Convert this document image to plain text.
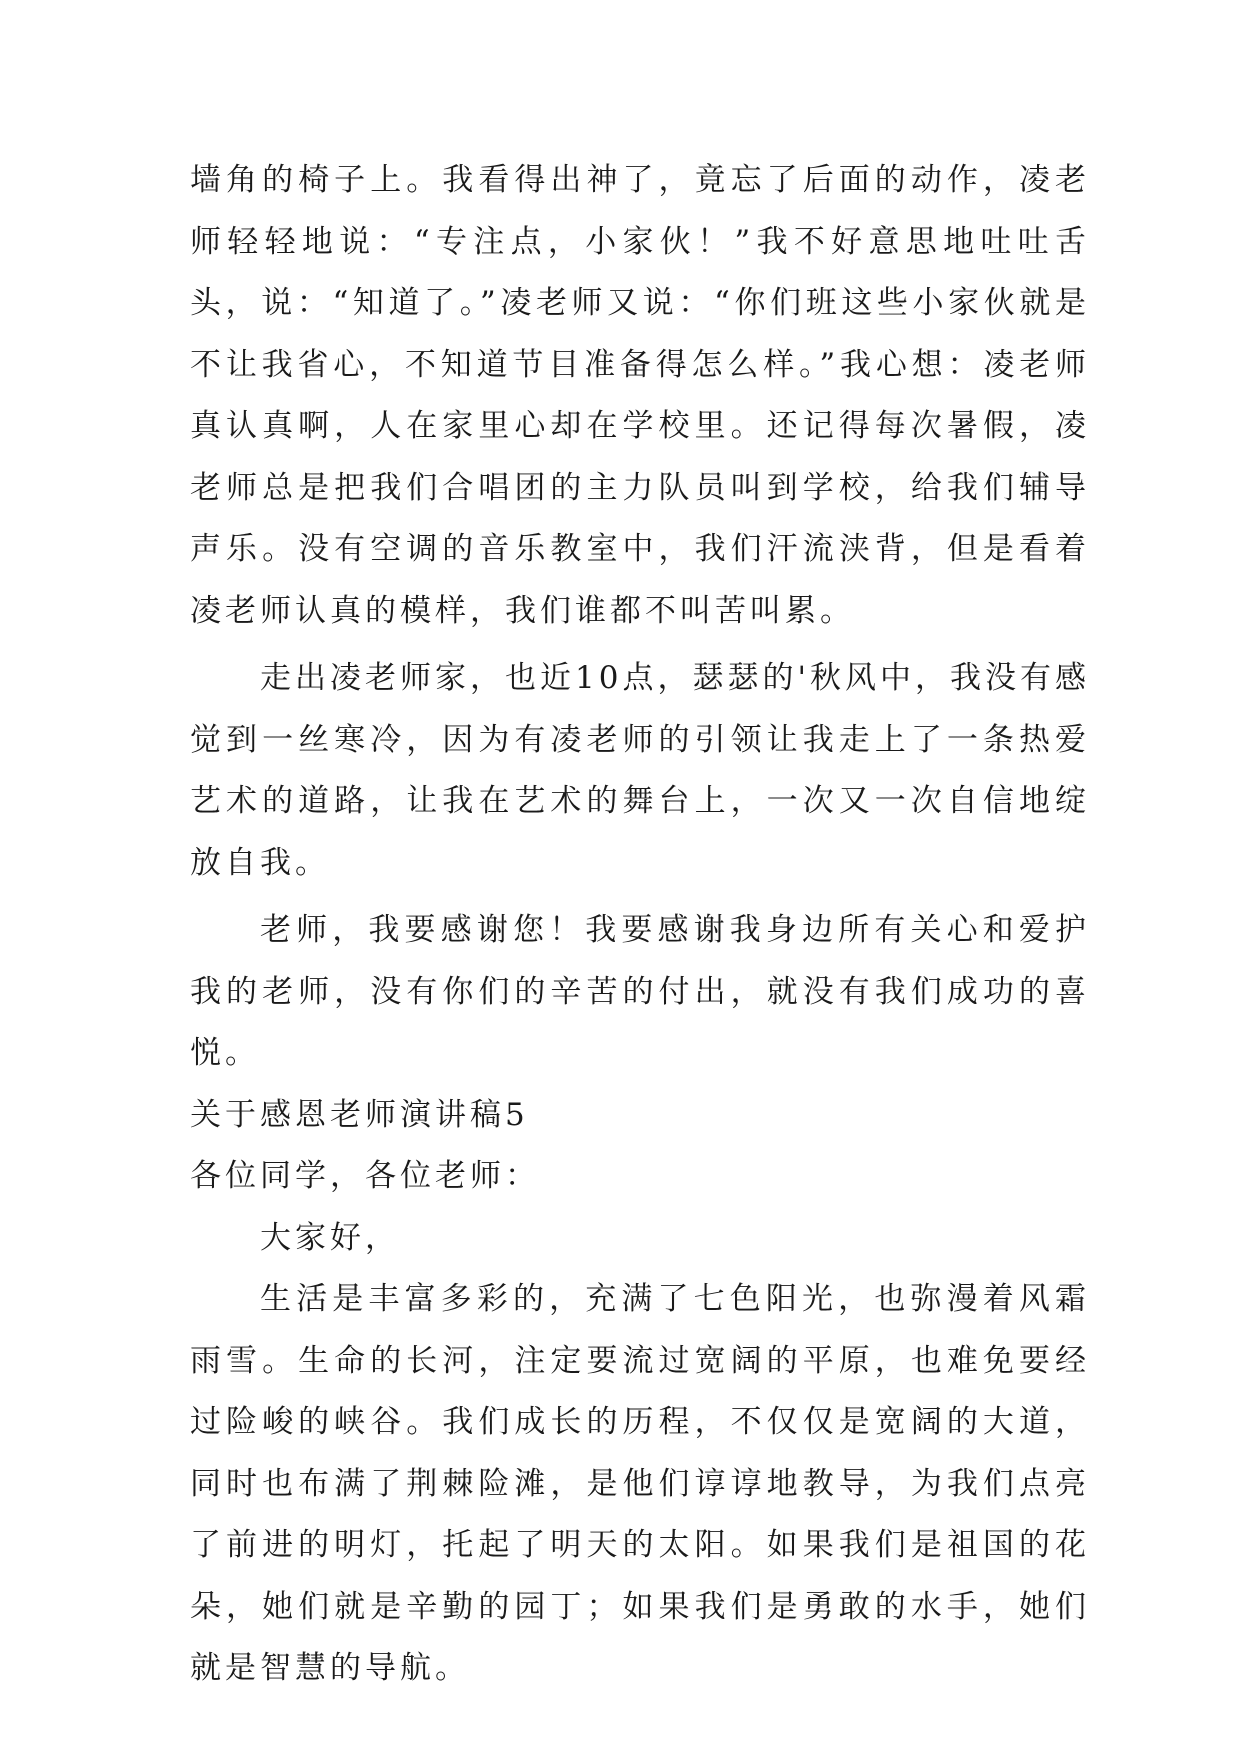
墙角的椅子上。我看得出神了，竟忘了后面的动作，凌老师轻轻地说：“专注点，小家伙！”我不好意思地吐吐舌头，说：“知道了。”凌老师又说：“你们班这些小家伙就是不让我省心，不知道节目准备得怎么样。”我心想：凌老师真认真啊，人在家里心却在学校里。还记得每次暑假，凌老师总是把我们合唱团的主力队员叫到学校，给我们辅导声乐。没有空调的音乐教室中，我们汗流浃背，但是看着凌老师认真的模样，我们谁都不叫苦叫累。

走出凌老师家，也近10点，瑟瑟的'秋风中，我没有感觉到一丝寒冷，因为有凌老师的引领让我走上了一条热爱艺术的道路，让我在艺术的舞台上，一次又一次自信地绽放自我。

老师，我要感谢您！我要感谢我身边所有关心和爱护我的老师，没有你们的辛苦的付出，就没有我们成功的喜悦。

关于感恩老师演讲稿5

各位同学，各位老师：

大家好，

生活是丰富多彩的，充满了七色阳光，也弥漫着风霜雨雪。生命的长河，注定要流过宽阔的平原，也难免要经过险峻的峡谷。我们成长的历程，不仅仅是宽阔的大道，同时也布满了荆棘险滩，是他们谆谆地教导，为我们点亮了前进的明灯，托起了明天的太阳。如果我们是祖国的花朵，她们就是辛勤的园丁；如果我们是勇敢的水手，她们就是智慧的导航。
